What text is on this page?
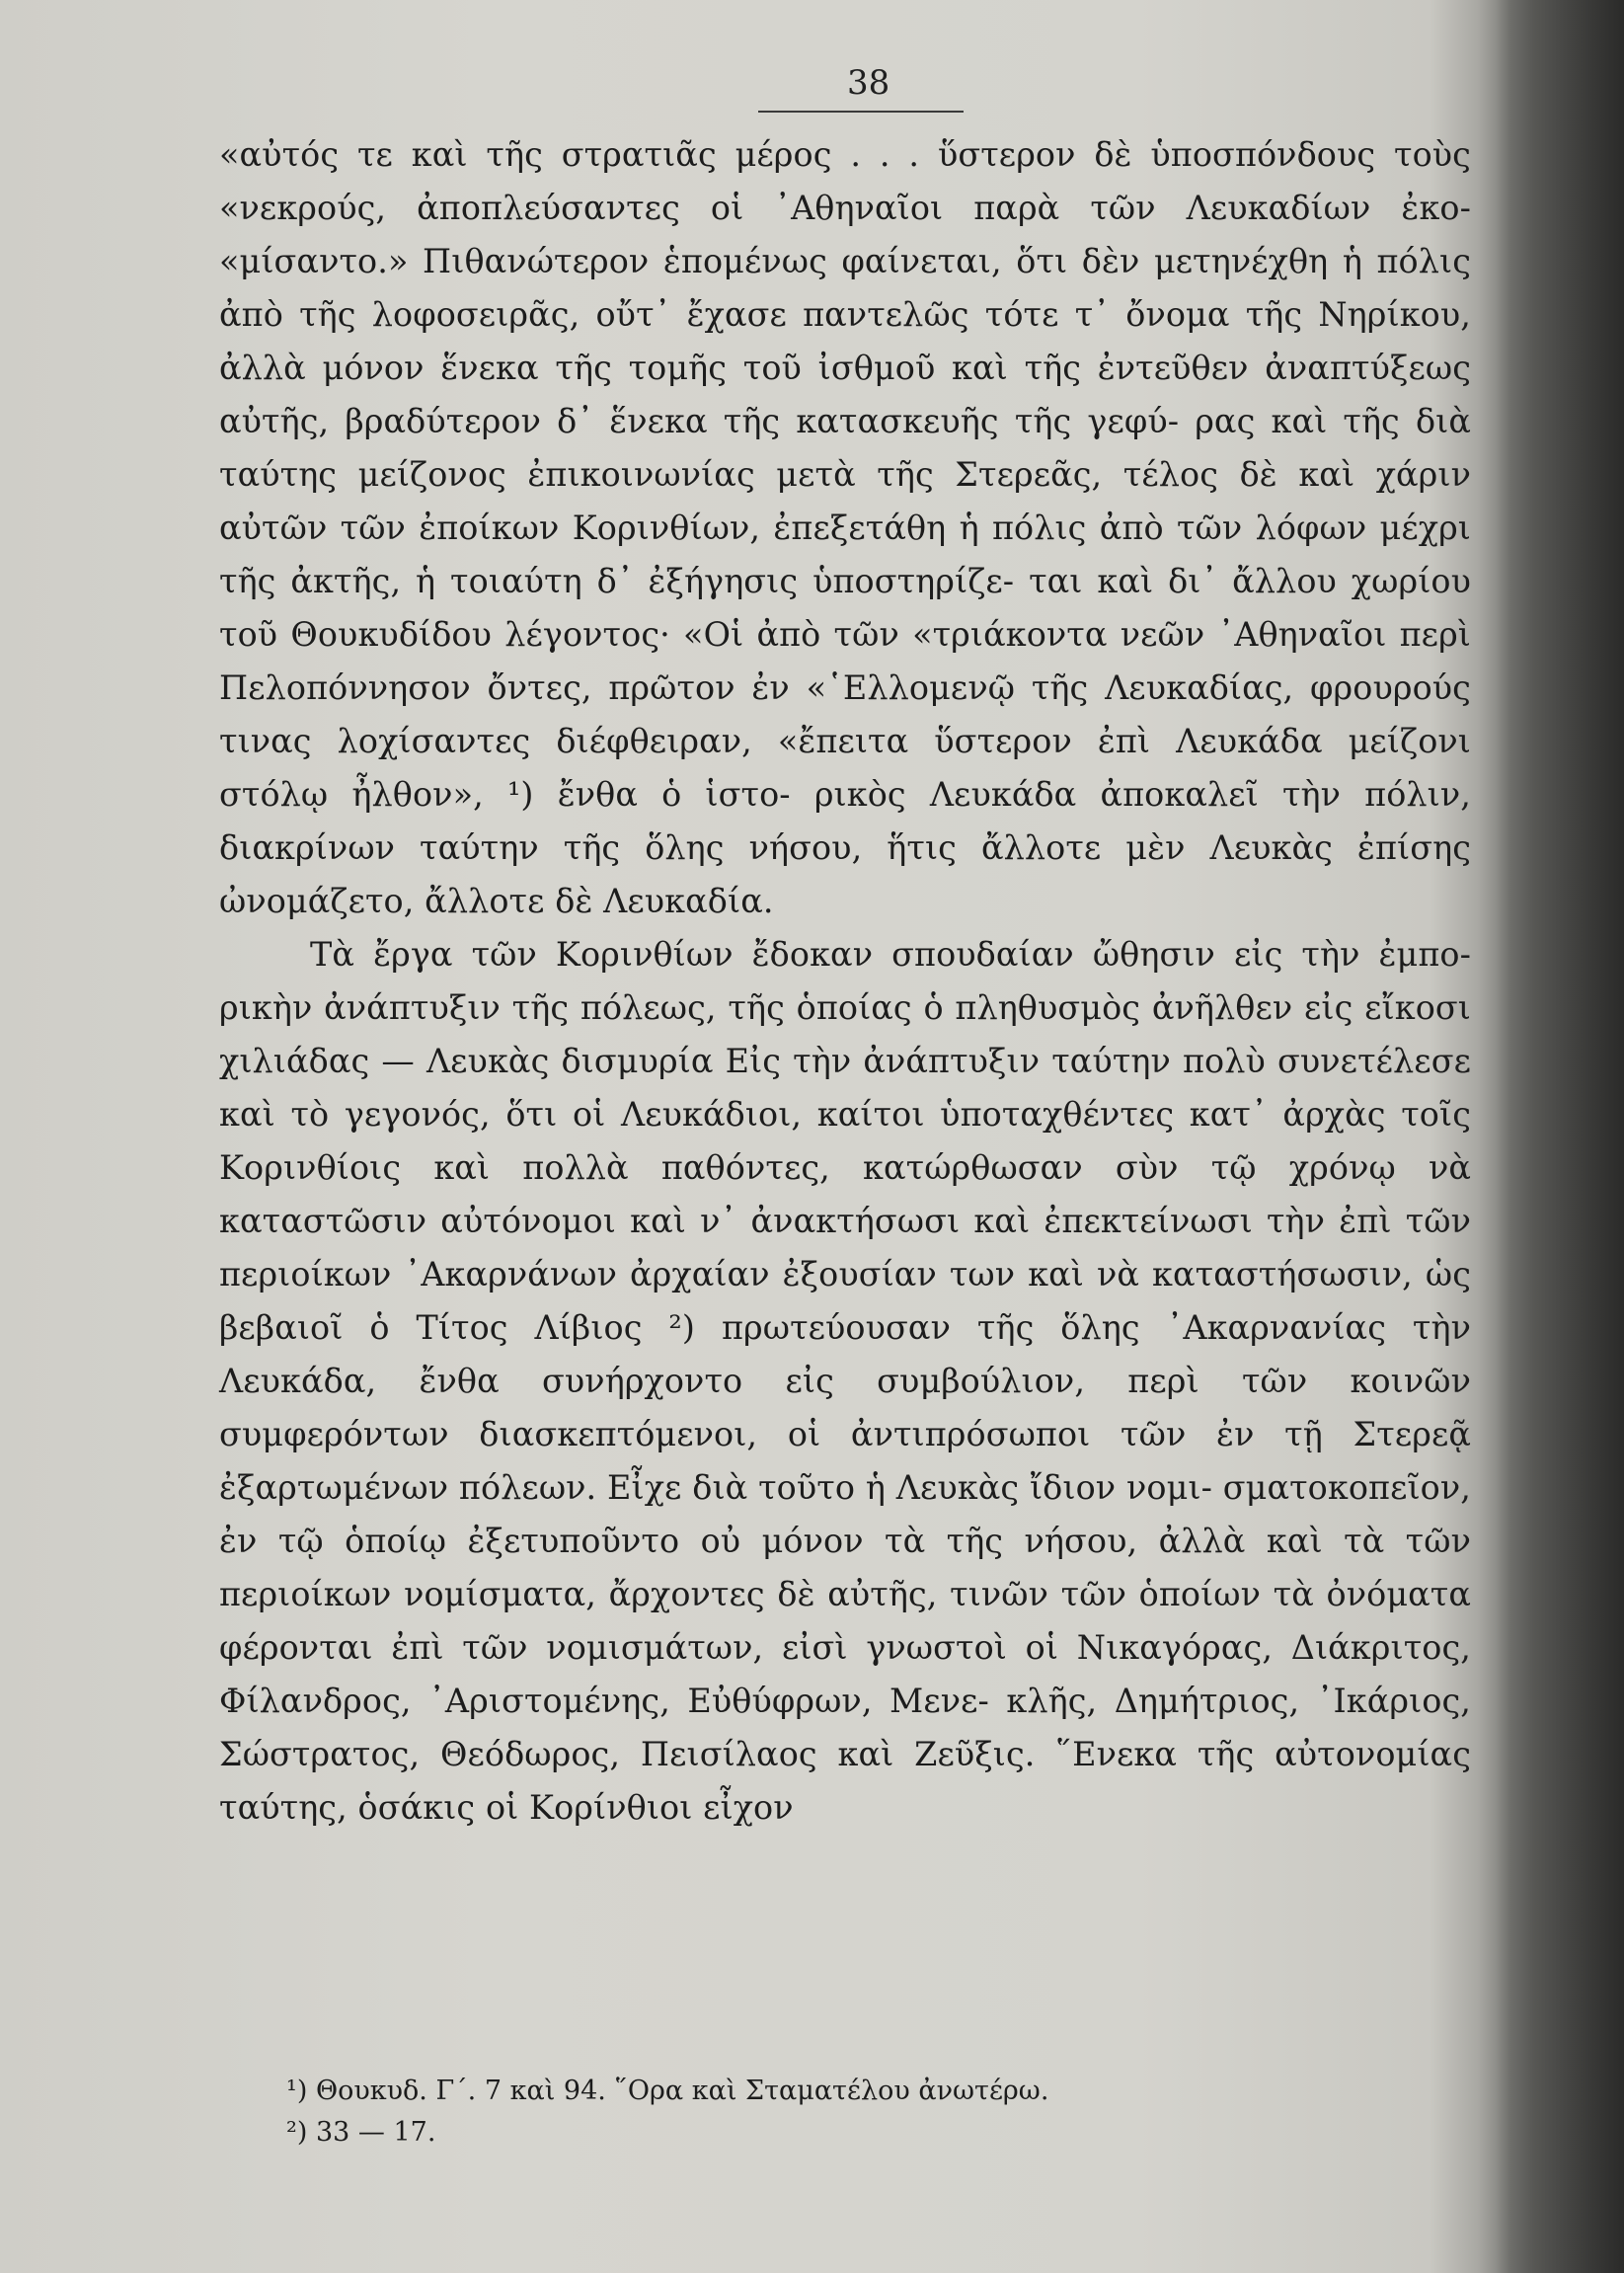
38

«αὐτός τε καὶ τῆς στρατιᾶς μέρος . . . ὕστερον δὲ ὑποσπόνδους τοὺς «νεκρούς, ἀποπλεύσαντες οἱ ᾿Αθηναῖοι παρὰ τῶν Λευκαδίων ἐκο- «μίσαντο.» Πιθανώτερον ἑπομένως φαίνεται, ὅτι δὲν μετηνέχθη ἡ πόλις ἀπὸ τῆς λοφοσειρᾶς, οὔτ᾽ ἔχασε παντελῶς τότε τ᾽ ὄνομα τῆς Νηρίκου, ἀλλὰ μόνον ἕνεκα τῆς τομῆς τοῦ ἰσθμοῦ καὶ τῆς ἐντεῦθεν ἀναπτύξεως αὐτῆς, βραδύτερον δ᾽ ἕνεκα τῆς κατασκευῆς τῆς γεφύ- ρας καὶ τῆς διὰ ταύτης μείζονος ἐπικοινωνίας μετὰ τῆς Στερεᾶς, τέλος δὲ καὶ χάριν αὐτῶν τῶν ἐποίκων Κορινθίων, ἐπεξετάθη ἡ πόλις ἀπὸ τῶν λόφων μέχρι τῆς ἀκτῆς, ἡ τοιαύτη δ᾽ ἐξήγησις ὑποστηρίζε- ται καὶ δι᾽ ἄλλου χωρίου τοῦ Θουκυδίδου λέγοντος· «Οἱ ἀπὸ τῶν «τριάκοντα νεῶν ᾿Αθηναῖοι περὶ Πελοπόννησον ὄντες, πρῶτον ἐν «῾Ελλομενῷ τῆς Λευκαδίας, φρουρούς τινας λοχίσαντες διέφθειραν, «ἔπειτα ὕστερον ἐπὶ Λευκάδα μείζονι στόλῳ ἦλθον», ¹) ἔνθα ὁ ἱστο- ρικὸς Λευκάδα ἀποκαλεῖ τὴν πόλιν, διακρίνων ταύτην τῆς ὅλης νήσου, ἥτις ἄλλοτε μὲν Λευκὰς ἐπίσης ὠνομάζετο, ἄλλοτε δὲ Λευκαδία.

Τὰ ἔργα τῶν Κορινθίων ἔδοκαν σπουδαίαν ὤθησιν εἰς τὴν ἐμπο- ρικὴν ἀνάπτυξιν τῆς πόλεως, τῆς ὁποίας ὁ πληθυσμὸς ἀνῆλθεν εἰς εἴκοσι χιλιάδας — Λευκὰς δισμυρία Εἰς τὴν ἀνάπτυξιν ταύτην πολὺ συνετέλεσε καὶ τὸ γεγονός, ὅτι οἱ Λευκάδιοι, καίτοι ὑποταχθέντες κατ᾽ ἀρχὰς τοῖς Κορινθίοις καὶ πολλὰ παθόντες, κατώρθωσαν σὺν τῷ χρόνῳ νὰ καταστῶσιν αὐτόνομοι καὶ ν᾽ ἀνακτήσωσι καὶ ἐπεκτείνωσι τὴν ἐπὶ τῶν περιοίκων ᾿Ακαρνάνων ἀρχαίαν ἐξουσίαν των καὶ νὰ καταστήσωσιν, ὡς βεβαιοῖ ὁ Τίτος Λίβιος ²) πρωτεύουσαν τῆς ὅλης ᾿Ακαρνανίας τὴν Λευκάδα, ἔνθα συνήρχοντο εἰς συμβούλιον, περὶ τῶν κοινῶν συμφερόντων διασκεπτόμενοι, οἱ ἀντιπρόσωποι τῶν ἐν τῇ Στερεᾷ ἐξαρτωμένων πόλεων. Εἶχε διὰ τοῦτο ἡ Λευκὰς ἴδιον νομι- σματοκοπεῖον, ἐν τῷ ὁποίῳ ἐξετυποῦντο οὐ μόνον τὰ τῆς νήσου, ἀλλὰ καὶ τὰ τῶν περιοίκων νομίσματα, ἄρχοντες δὲ αὐτῆς, τινῶν τῶν ὁποίων τὰ ὀνόματα φέρονται ἐπὶ τῶν νομισμάτων, εἰσὶ γνωστοὶ οἱ Νικαγόρας, Διάκριτος, Φίλανδρος, ᾿Αριστομένης, Εὐθύφρων, Μενε- κλῆς, Δημήτριος, ᾿Ικάριος, Σώστρατος, Θεόδωρος, Πεισίλαος καὶ Ζεῦξις. ῞Ενεκα τῆς αὐτονομίας ταύτης, ὁσάκις οἱ Κορίνθιοι εἶχον

¹) Θουκυδ. Γ΄. 7 καὶ 94. ῞Ορα καὶ Σταματέλου ἀνωτέρω.

²) 33 — 17.
